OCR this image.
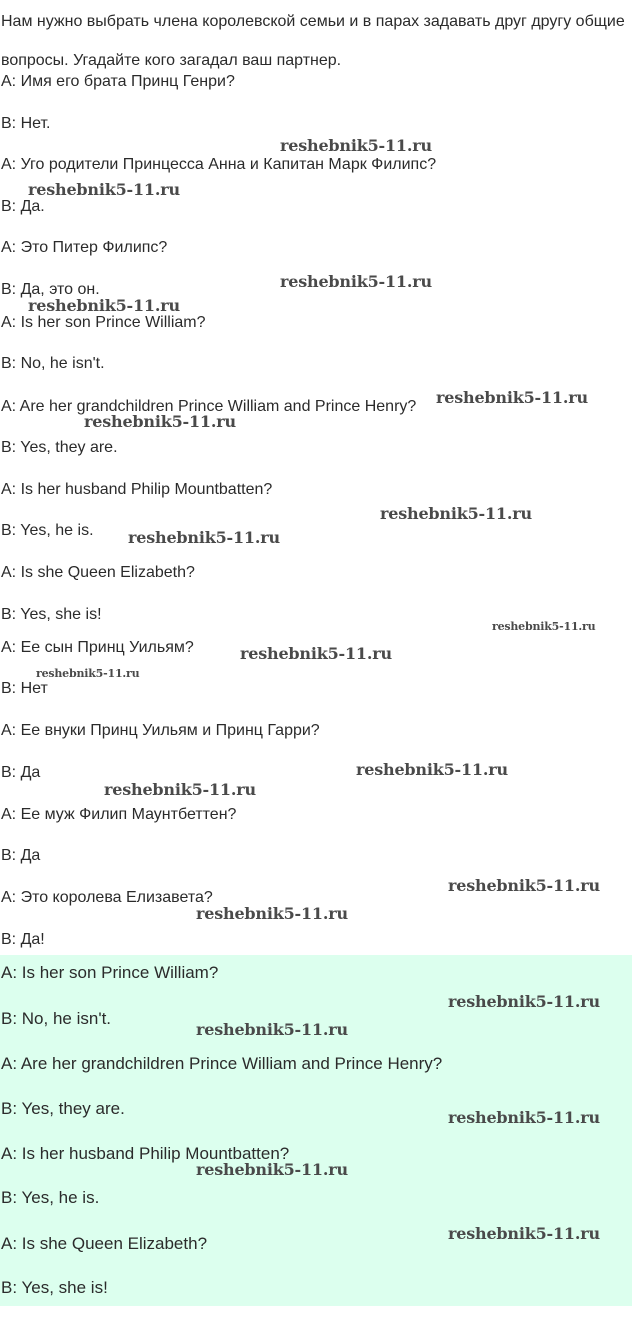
Нам нужно выбрать члена королевской семьи и в парах задавать друг другу общие вопросы. Угадайте кого загадал ваш партнер.

A: Имя его брата Принц Генри?

B: Нет.

A: Уго родители Принцесса Анна и Капитан Марк Филипс?

B: Да.

A: Это Питер Филипс?

B: Да, это он.

A: Is her son Prince William?

B: No, he isn't.

A: Are her grandchildren Prince William and Prince Henry?

B: Yes, they are.

A: Is her husband Philip Mountbatten?

B: Yes, he is.

A: Is she Queen Elizabeth?

B: Yes, she is!

A: Ее сын Принц Уильям?

B: Нет

A: Ее внуки Принц Уильям и Принц Гарри?

B: Да

A: Ее муж Филип Маунтбеттен?

B: Да

A: Это королева Елизавета?

B: Да!

A: Is her son Prince William?

B: No, he isn't.

A: Are her grandchildren Prince William and Prince Henry?

B: Yes, they are.

A: Is her husband Philip Mountbatten?

B: Yes, he is.

A: Is she Queen Elizabeth?

B: Yes, she is!

reshebnik5-11.ru
reshebnik5-11.ru
reshebnik5-11.ru
reshebnik5-11.ru
reshebnik5-11.ru
reshebnik5-11.ru
reshebnik5-11.ru
reshebnik5-11.ru
reshebnik5-11.ru
reshebnik5-11.ru
reshebnik5-11.ru
reshebnik5-11.ru
reshebnik5-11.ru
reshebnik5-11.ru
reshebnik5-11.ru
reshebnik5-11.ru
reshebnik5-11.ru
reshebnik5-11.ru
reshebnik5-11.ru
reshebnik5-11.ru
